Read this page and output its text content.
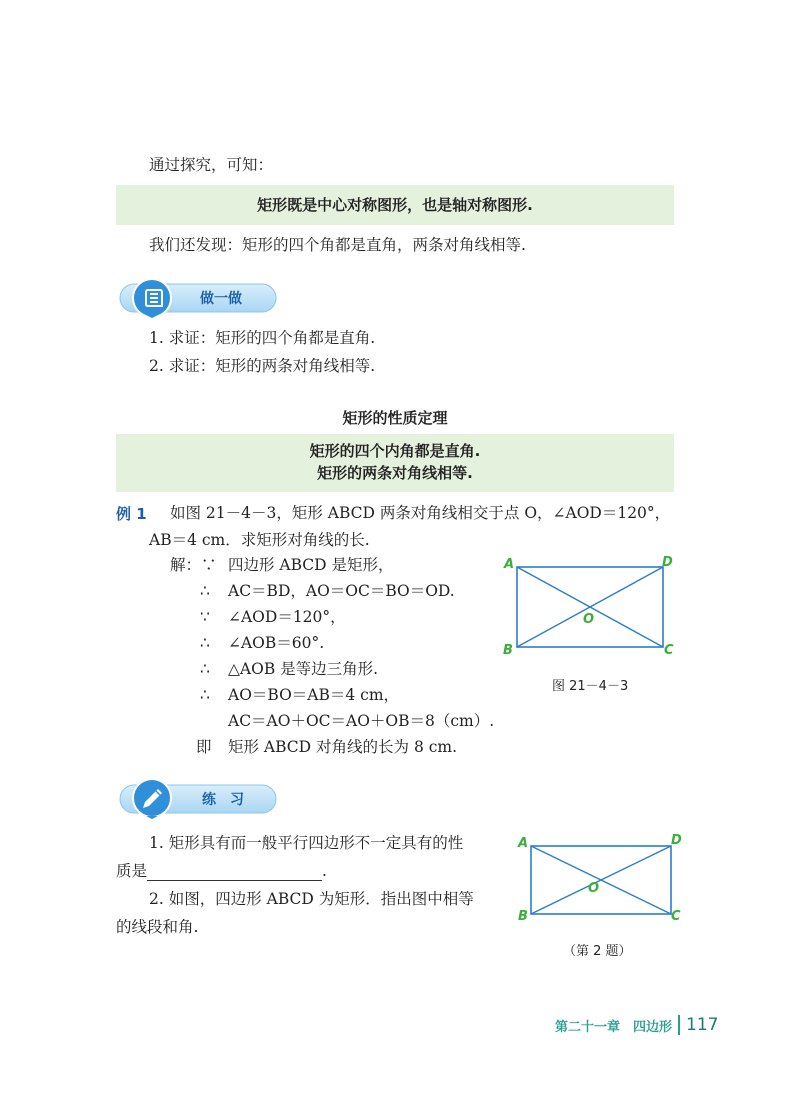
通过探究，可知：
矩形既是中心对称图形，也是轴对称图形.
我们还发现：矩形的四个角都是直角，两条对角线相等.
做一做
1. 求证：矩形的四个角都是直角.
2. 求证：矩形的两条对角线相等.
矩形的性质定理
矩形的四个内角都是直角.
矩形的两条对角线相等.
例 1 如图 21－4－3，矩形 ABCD 两条对角线相交于点 O，∠AOD＝120°，
AB＝4 cm．求矩形对角线的长.
解：∵ 四边形 ABCD 是矩形，
∴ AC＝BD，AO＝OC＝BO＝OD.
∵ ∠AOD＝120°，
∴ ∠AOB＝60°.
∴ △AOB 是等边三角形.
∴ AO＝BO＝AB＝4 cm，
AC＝AO＋OC＝AO＋OB＝8（cm）.
即 矩形 ABCD 对角线的长为 8 cm.
A	D
B	C
O
图 21－4－3
练　习
1. 矩形具有而一般平行四边形不一定具有的性
质是	.
2. 如图，四边形 ABCD 为矩形．指出图中相等
的线段和角.
A	D
B	C
O
（第 2 题）
第二十一章　四边形 117
